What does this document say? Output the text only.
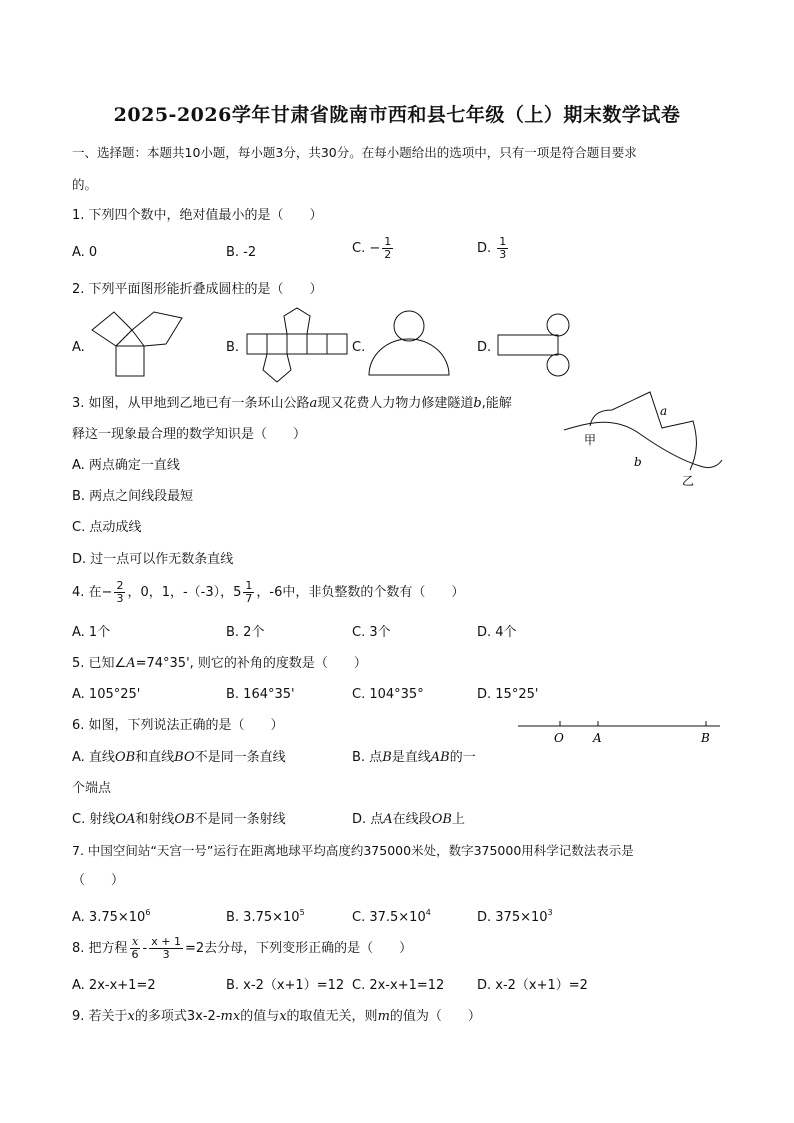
2025-2026学年甘肃省陇南市西和县七年级（上）期末数学试卷
一、选择题：本题共10小题，每小题3分，共30分。在每小题给出的选项中，只有一项是符合题目要求
的。
1. 下列四个数中，绝对值最小的是（　　）
A. 0	B. -2	C. − $\frac{1}{2}$	D. $\frac{1}{3}$
2. 下列平面图形能折叠成圆柱的是（　　）
A.	B.	C.	D.
3. 如图，从甲地到乙地已有一条环山公路a现又花费人力物力修建隧道b,能解
释这一现象最合理的数学知识是（　　）
A. 两点确定一直线
B. 两点之间线段最短
C. 点动成线
D. 过一点可以作无数条直线
a
b
甲
乙
4. 在− $\frac{2}{3}$ ，0，1，-（-3），$5 \frac{1}{7}$ ，-6中，非负整数的个数有（　　）
A. 1个	B. 2个	C. 3个	D. 4个
5. 已知∠A=74°35', 则它的补角的度数是（　　）
A. 105°25'	B. 164°35'	C. 104°35°	D. 15°25'
6. 如图，下列说法正确的是（　　）
A. 直线OB和直线BO不是同一条直线	B. 点B是直线AB的一
个端点
C. 射线OA和射线OB不是同一条射线	D. 点A在线段OB上
O A	B
7. 中国空间站“天宫一号”运行在距离地球平均高度约375000米处，数字375000用科学记数法表示是
（　　）
A. $3.75\times 10^6$	B. $3.75\times 10^5$	C. $37.5\times 10^4$	D. $375\times 10^3$
8. 把方程 $\frac{x}{6} - \frac{x + 1}{3} =2$去分母，下列变形正确的是（　　）
A. 2x-x+1=2	B. x-2（x+1）=12 C. 2x-x+1=12	D. x-2（x+1）=2
9. 若关于x的多项式3x-2-mx的值与x的取值无关，则m的值为（　　）
